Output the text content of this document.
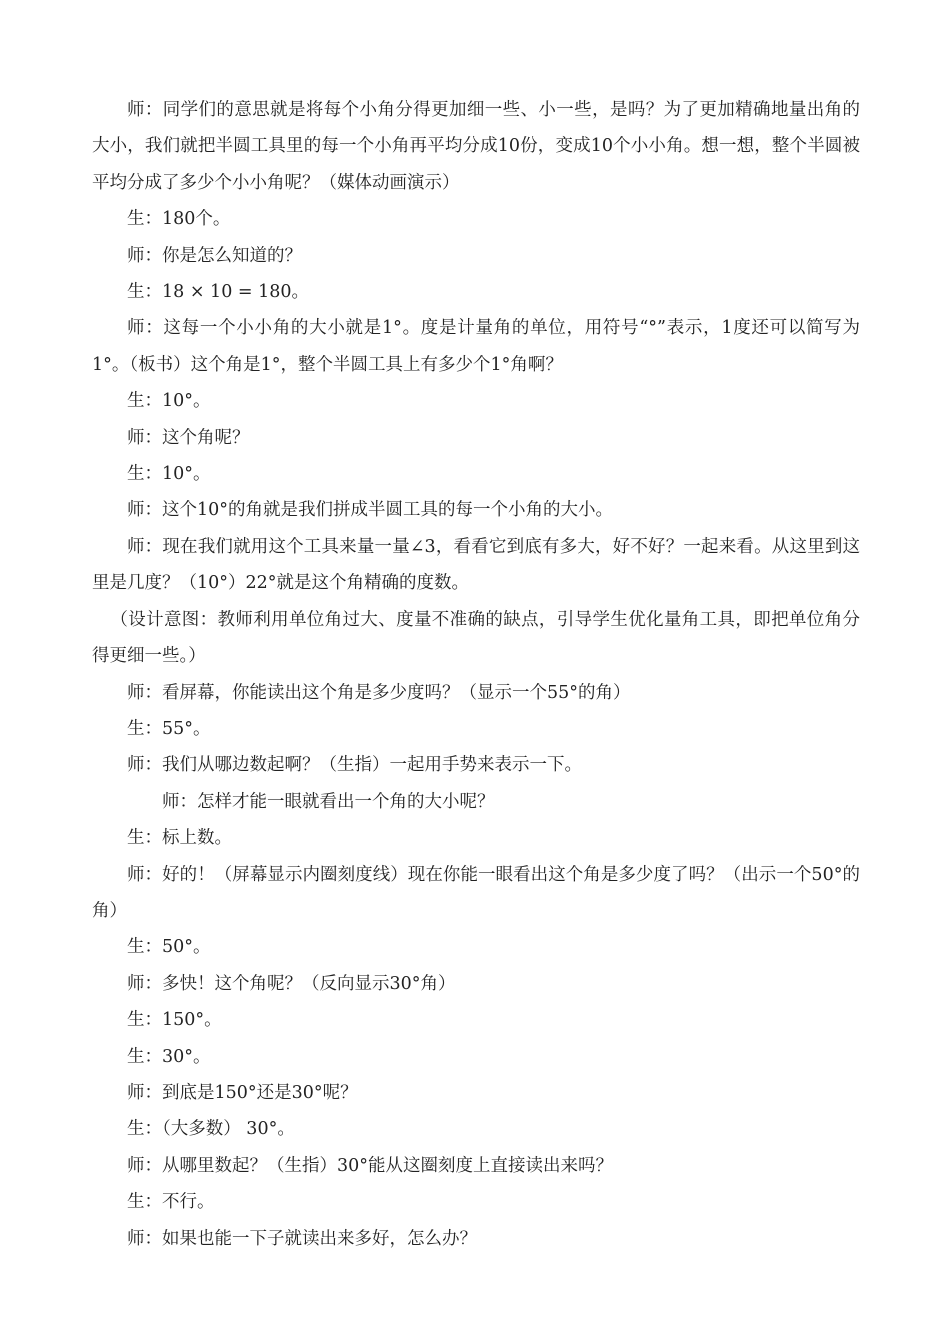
师：同学们的意思就是将每个小角分得更加细一些、小一些，是吗？为了更加精确地量出角的大小，我们就把半圆工具里的每一个小角再平均分成10份，变成10个小小角。想一想，整个半圆被平均分成了多少个小小角呢？（媒体动画演示）

生：180个。

师：你是怎么知道的？

生：18 × 10 = 180。

师：这每一个小小角的大小就是1°。度是计量角的单位，用符号“°”表示，1度还可以简写为1°。（板书）这个角是1°，整个半圆工具上有多少个1°角啊？

生：10°。

师：这个角呢？

生：10°。

师：这个10°的角就是我们拼成半圆工具的每一个小角的大小。

师：现在我们就用这个工具来量一量∠3，看看它到底有多大，好不好？一起来看。从这里到这里是几度？（10°）22°就是这个角精确的度数。

（设计意图：教师利用单位角过大、度量不准确的缺点，引导学生优化量角工具，即把单位角分得更细一些。）

师：看屏幕，你能读出这个角是多少度吗？（显示一个55°的角）

生：55°。

师：我们从哪边数起啊？（生指）一起用手势来表示一下。

师：怎样才能一眼就看出一个角的大小呢？

生：标上数。

师：好的！（屏幕显示内圈刻度线）现在你能一眼看出这个角是多少度了吗？（出示一个50°的角）

生：50°。

师：多快！这个角呢？（反向显示30°角）

生：150°。

生：30°。

师：到底是150°还是30°呢？

生：（大多数） 30°。

师：从哪里数起？（生指）30°能从这圈刻度上直接读出来吗？

生：不行。

师：如果也能一下子就读出来多好，怎么办？
